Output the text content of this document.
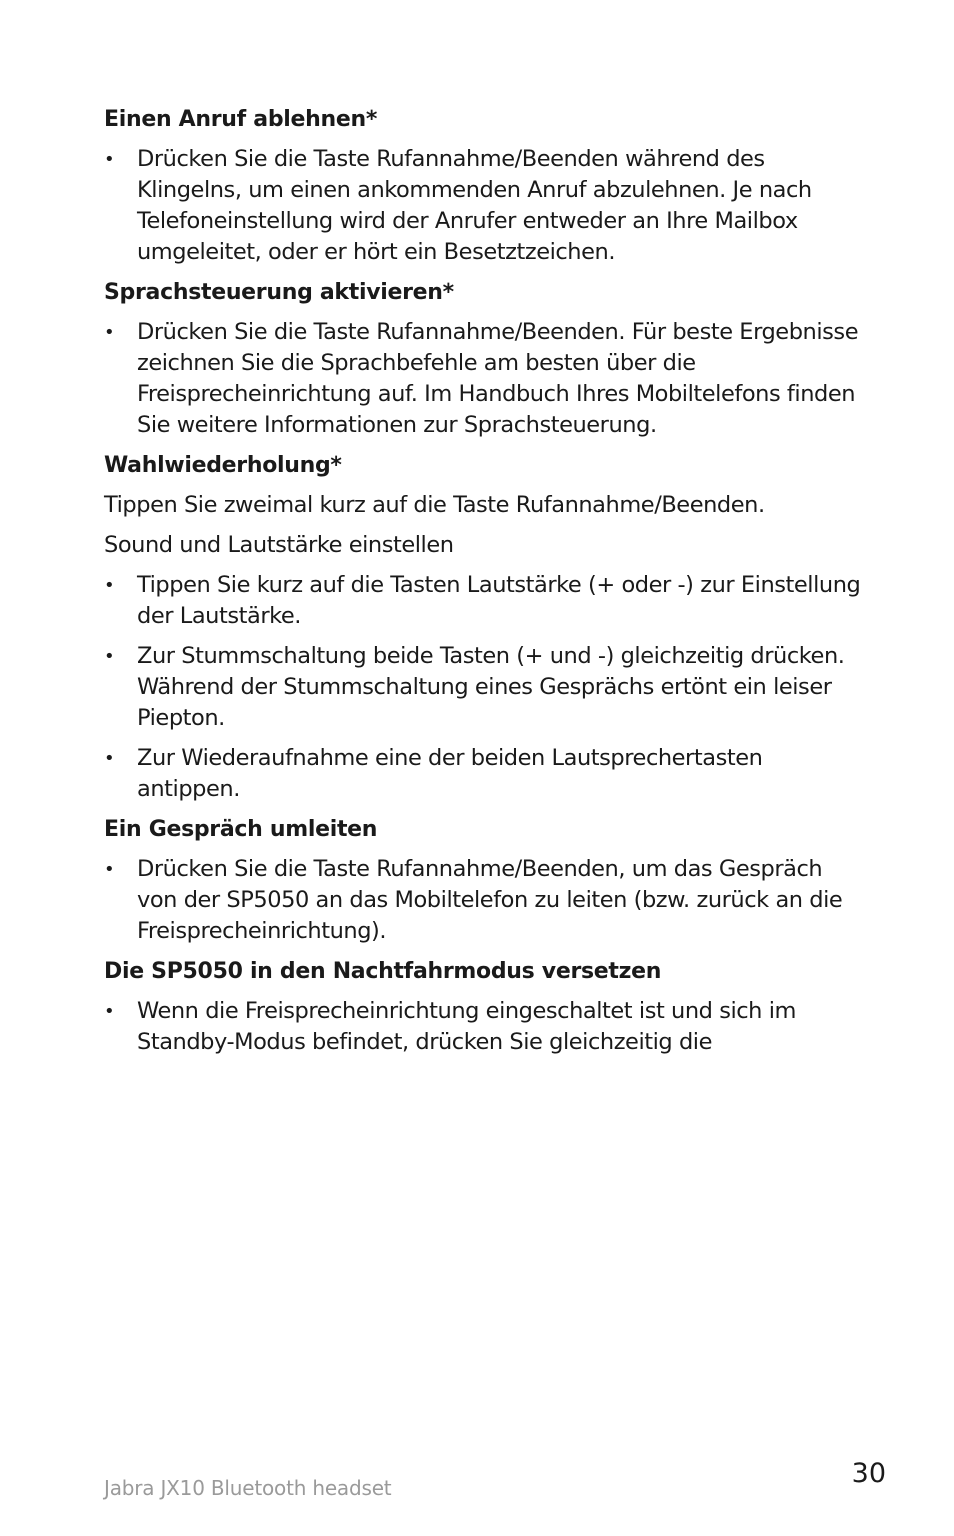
Einen Anruf ablehnen*
•	Drücken Sie die Taste Rufannahme/Beenden während des Klingelns, um einen ankommenden Anruf abzulehnen. Je nach Telefoneinstellung wird der Anrufer entweder an Ihre Mailbox umgeleitet, oder er hört ein Besetztzeichen.
Sprachsteuerung aktivieren*
•	Drücken Sie die Taste Rufannahme/Beenden. Für beste Ergebnisse zeichnen Sie die Sprachbefehle am besten über die Freisprecheinrichtung auf. Im Handbuch Ihres Mobiltelefons finden Sie weitere Informationen zur Sprachsteuerung.
Wahlwiederholung*

Tippen Sie zweimal kurz auf die Taste Rufannahme/Beenden.

Sound und Lautstärke einstellen

•	Tippen Sie kurz auf die Tasten Lautstärke (+ oder -) zur Einstellung der Lautstärke.
•	Zur Stummschaltung beide Tasten (+ und -) gleichzeitig drücken. Während der Stummschaltung eines Gesprächs ertönt ein leiser Piepton.
•	Zur Wiederaufnahme eine der beiden Lautsprechertasten antippen.
Ein Gespräch umleiten
•	Drücken Sie die Taste Rufannahme/Beenden, um das Gespräch von der SP5050 an das Mobiltelefon zu leiten (bzw. zurück an die Freisprecheinrichtung).
Die SP5050 in den Nachtfahrmodus versetzen
•	Wenn die Freisprecheinrichtung eingeschaltet ist und sich im Standby-Modus befindet, drücken Sie gleichzeitig die
Jabra JX10 Bluetooth headset	30
